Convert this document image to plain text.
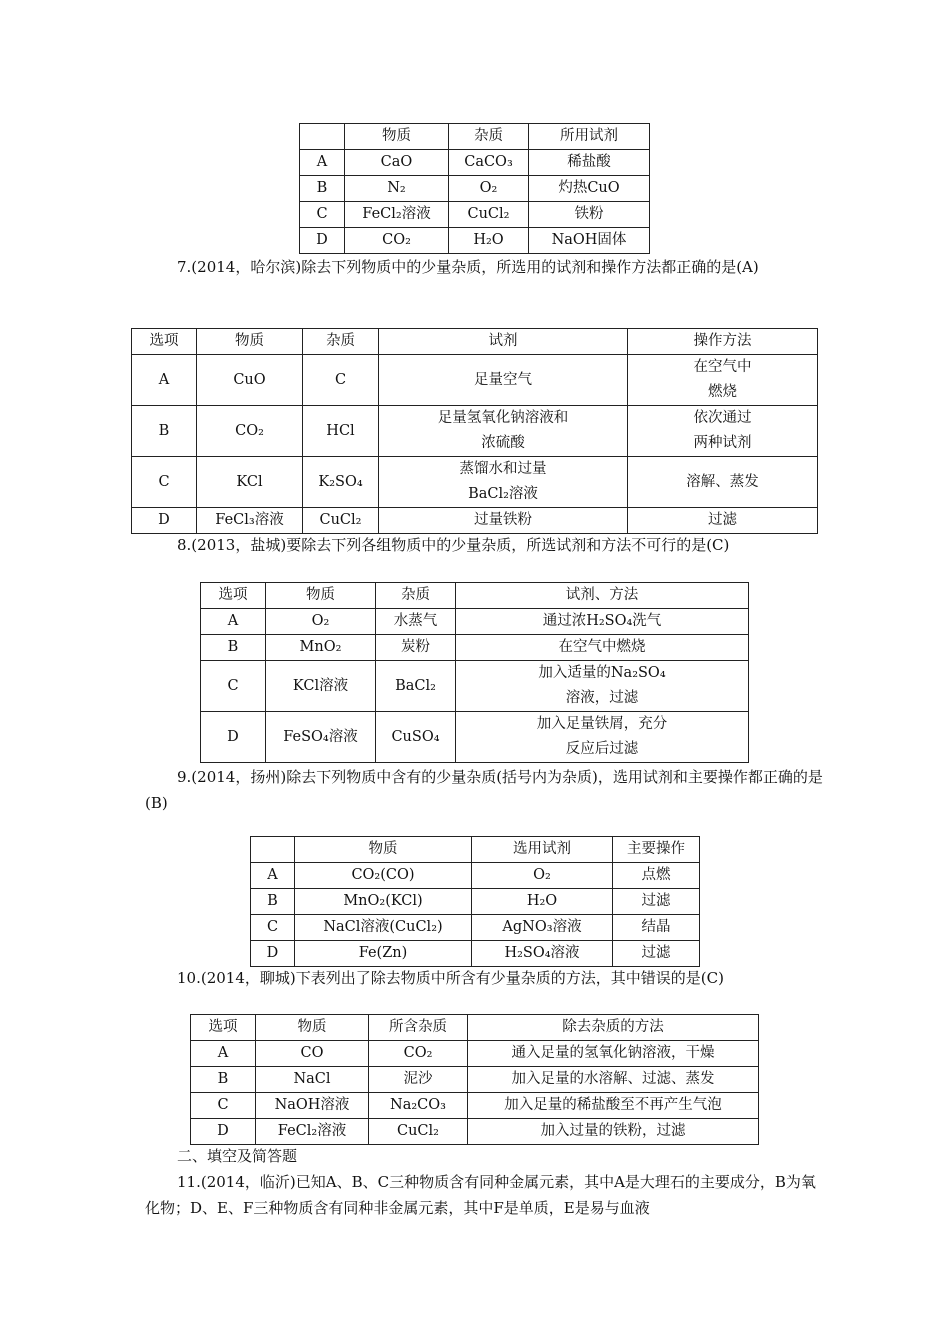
	物质	杂质	所用试剂
A	CaO	CaCO₃	稀盐酸
B	N₂	O₂	灼热CuO
C	FeCl₂溶液	CuCl₂	铁粉
D	CO₂	H₂O	NaOH固体

7.(2014，哈尔滨)除去下列物质中的少量杂质，所选用的试剂和操作方法都正确的是(A)

选项	物质	杂质	试剂	操作方法
A	CuO	C	足量空气	在空气中燃烧
B	CO₂	HCl	足量氢氧化钠溶液和浓硫酸	依次通过两种试剂
C	KCl	K₂SO₄	蒸馏水和过量BaCl₂溶液	溶解、蒸发
D	FeCl₃溶液	CuCl₂	过量铁粉	过滤
8.(2013，盐城)要除去下列各组物质中的少量杂质，所选试剂和方法不可行的是(C)
选项	物质	杂质	试剂、方法
A	O₂	水蒸气	通过浓H₂SO₄洗气
B	MnO₂	炭粉	在空气中燃烧
C	KCl溶液	BaCl₂	加入适量的Na₂SO₄溶液，过滤
D	FeSO₄溶液	CuSO₄	加入足量铁屑，充分反应后过滤

9.(2014，扬州)除去下列物质中含有的少量杂质(括号内为杂质)，选用试剂和主要操作都正确的是(B)

	物质	选用试剂	主要操作
A	CO₂(CO)	O₂	点燃
B	MnO₂(KCl)	H₂O	过滤
C	NaCl溶液(CuCl₂)	AgNO₃溶液	结晶
D	Fe(Zn)	H₂SO₄溶液	过滤
10.(2014，聊城)下表列出了除去物质中所含有少量杂质的方法，其中错误的是(C)
选项	物质	所含杂质	除去杂质的方法
A	CO	CO₂	通入足量的氢氧化钠溶液，干燥
B	NaCl	泥沙	加入足量的水溶解、过滤、蒸发
C	NaOH溶液	Na₂CO₃	加入足量的稀盐酸至不再产生气泡
D	FeCl₂溶液	CuCl₂	加入过量的铁粉，过滤
二、填空及简答题

11.(2014，临沂)已知A、B、C三种物质含有同种金属元素，其中A是大理石的主要成分，B为氧化物；D、E、F三种物质含有同种非金属元素，其中F是单质，E是易与血液
